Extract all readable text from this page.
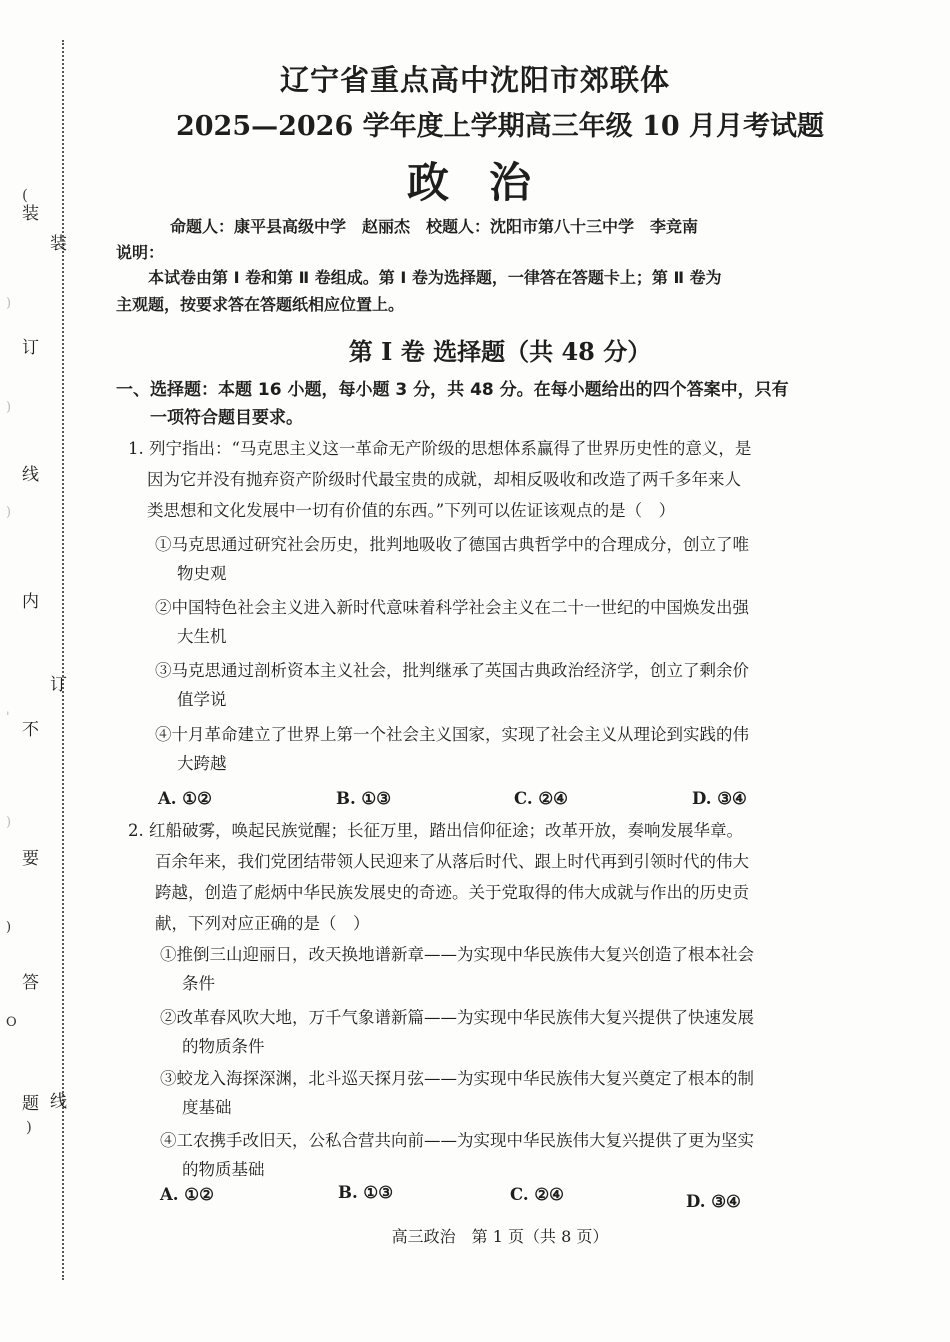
(
装
装
订
线
内
订
不
要
答
题 线
)
)
)
)
'
)
)
O
辽宁省重点高中沈阳市郊联体
2025—2026 学年度上学期高三年级 10 月月考试题
政治
命题人：康平县高级中学　赵丽杰　校题人：沈阳市第八十三中学　李竞南
说明：
本试卷由第 Ⅰ 卷和第 Ⅱ 卷组成。第 Ⅰ 卷为选择题，一律答在答题卡上；第 Ⅱ 卷为
主观题，按要求答在答题纸相应位置上。
第 Ⅰ 卷 选择题（共 48 分）
一、选择题：本题 16 小题，每小题 3 分，共 48 分。在每小题给出的四个答案中，只有
一项符合题目要求。
1. 列宁指出：“马克思主义这一革命无产阶级的思想体系赢得了世界历史性的意义，是
因为它并没有抛弃资产阶级时代最宝贵的成就，却相反吸收和改造了两千多年来人
类思想和文化发展中一切有价值的东西。”下列可以佐证该观点的是（　）
①马克思通过研究社会历史，批判地吸收了德国古典哲学中的合理成分，创立了唯
物史观
②中国特色社会主义进入新时代意味着科学社会主义在二十一世纪的中国焕发出强
大生机
③马克思通过剖析资本主义社会，批判继承了英国古典政治经济学，创立了剩余价
值学说
④十月革命建立了世界上第一个社会主义国家，实现了社会主义从理论到实践的伟
大跨越
A. ①②	B. ①③	C. ②④	D. ③④
2. 红船破雾，唤起民族觉醒；长征万里，踏出信仰征途；改革开放，奏响发展华章。
百余年来，我们党团结带领人民迎来了从落后时代、跟上时代再到引领时代的伟大
跨越，创造了彪炳中华民族发展史的奇迹。关于党取得的伟大成就与作出的历史贡
献，下列对应正确的是（　）
①推倒三山迎丽日，改天换地谱新章——为实现中华民族伟大复兴创造了根本社会
条件
②改革春风吹大地，万千气象谱新篇——为实现中华民族伟大复兴提供了快速发展
的物质条件
③蛟龙入海探深渊，北斗巡天探月弦——为实现中华民族伟大复兴奠定了根本的制
度基础
④工农携手改旧天，公私合营共向前——为实现中华民族伟大复兴提供了更为坚实
的物质基础
A. ①②	B. ①③	C. ②④	D. ③④
高三政治　第 1 页（共 8 页）
